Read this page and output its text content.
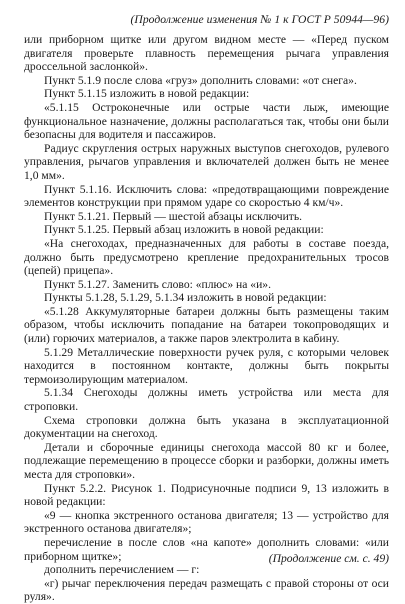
(Продолжение изменения № 1 к ГОСТ Р 50944—96)

или приборном щитке или другом видном месте — «Перед пуском двигателя проверьте плавность перемещения рычага управления дроссельной заслонкой».

Пункт 5.1.9 после слова «груз» дополнить словами: «от снега».

Пункт 5.1.15 изложить в новой редакции:

«5.1.15 Остроконечные или острые части лыж, имеющие функциональное назначение, должны располагаться так, чтобы они были безопасны для водителя и пассажиров.

Радиус скругления острых наружных выступов снегоходов, рулевого управления, рычагов управления и включателей должен быть не менее 1,0 мм».

Пункт 5.1.16. Исключить слова: «предотвращающими повреждение элементов конструкции при прямом ударе со скоростью 4 км/ч».

Пункт 5.1.21. Первый — шестой абзацы исключить.

Пункт 5.1.25. Первый абзац изложить в новой редакции:

«На снегоходах, предназначенных для работы в составе поезда, должно быть предусмотрено крепление предохранительных тросов (цепей) прицепа».

Пункт 5.1.27. Заменить слово: «плюс» на «и».

Пункты 5.1.28, 5.1.29, 5.1.34 изложить в новой редакции:

«5.1.28 Аккумуляторные батареи должны быть размещены таким образом, чтобы исключить попадание на батареи токопроводящих и (или) горючих материалов, а также паров электролита в кабину.

5.1.29 Металлические поверхности ручек руля, с которыми человек находится в постоянном контакте, должны быть покрыты термоизолирующим материалом.

5.1.34 Снегоходы должны иметь устройства или места для строповки.

Схема строповки должна быть указана в эксплуатационной документации на снегоход.

Детали и сборочные единицы снегохода массой 80 кг и более, подлежащие перемещению в процессе сборки и разборки, должны иметь места для строповки».

Пункт 5.2.2. Рисунок 1. Подрисуночные подписи 9, 13 изложить в новой редакции:

«9 — кнопка экстренного останова двигателя; 13 — устройство для экстренного останова двигателя»;

перечисление в после слов «на капоте» дополнить словами: «или приборном щитке»;

дополнить перечислением — г:

«г) рычаг переключения передач размещать с правой стороны от оси руля».

(Продолжение см. с. 49)
